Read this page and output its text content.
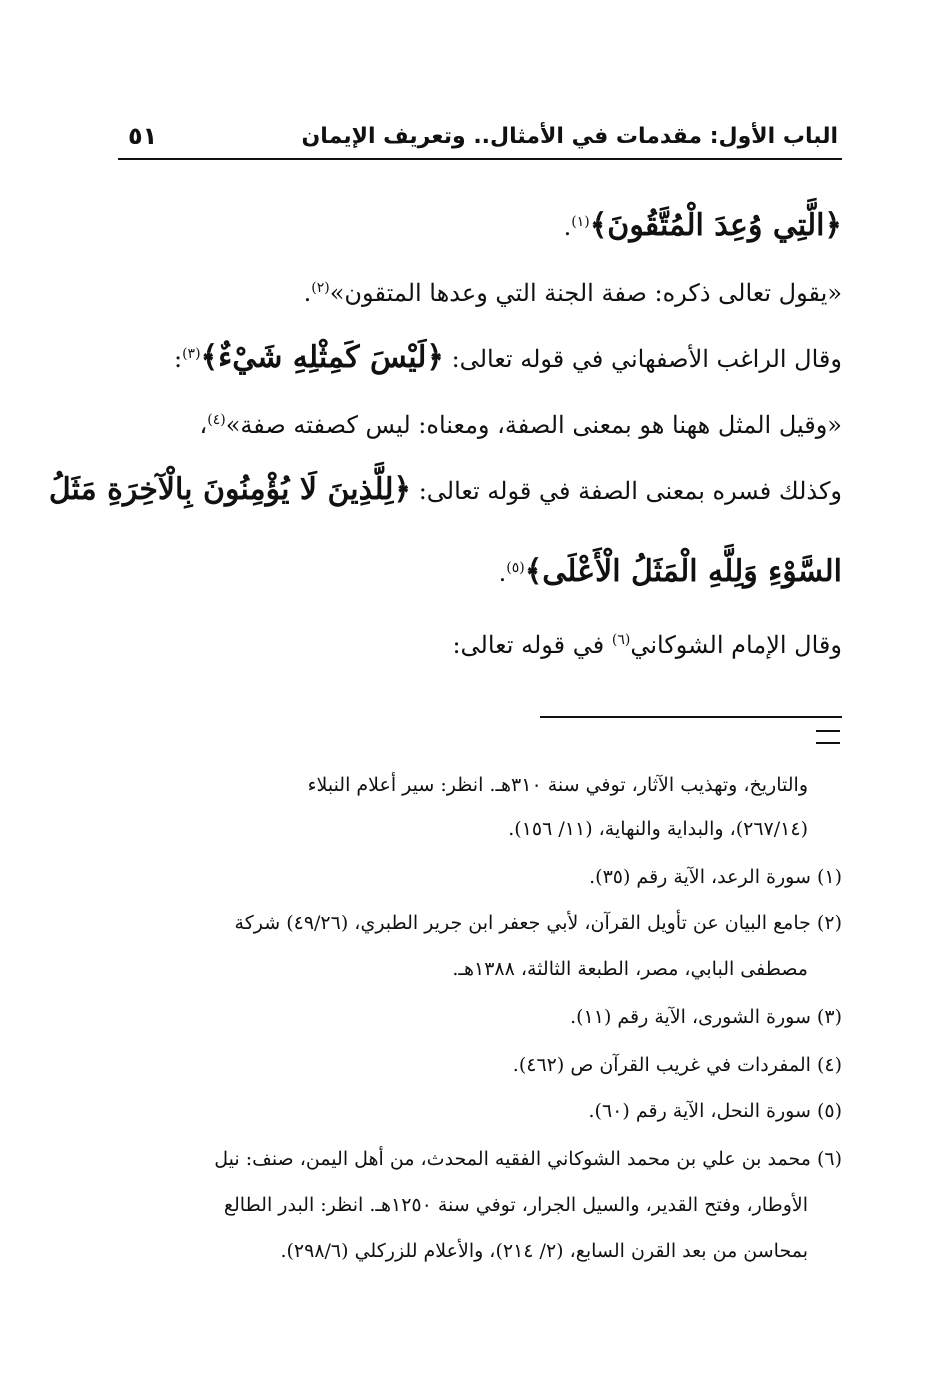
الباب الأول: مقدمات في الأمثال.. وتعريف الإيمان
٥١
﴿الَّتِي وُعِدَ الْمُتَّقُونَ﴾$^{(١)}$.
«يقول تعالى ذكره: صفة الجنة التي وعدها المتقون»$^{(٢)}$.
وقال الراغب الأصفهاني في قوله تعالى: ﴿لَيْسَ كَمِثْلِهِ شَيْءٌ﴾$^{(٣)}$:
«وقيل المثل ههنا هو بمعنى الصفة، ومعناه: ليس كصفته صفة»$^{(٤)}$،
وكذلك فسره بمعنى الصفة في قوله تعالى: ﴿لِلَّذِينَ لَا يُؤْمِنُونَ بِالْآخِرَةِ مَثَلُ
السَّوْءِ وَلِلَّهِ الْمَثَلُ الْأَعْلَى﴾$^{(٥)}$.
وقال الإمام الشوكاني$^{(٦)}$ في قوله تعالى:
والتاريخ، وتهذيب الآثار، توفي سنة ٣١٠هـ. انظر: سير أعلام النبلاء
(٢٦٧/١٤)، والبداية والنهاية، (١١/ ١٥٦).
(١) سورة الرعد، الآية رقم (٣٥).
(٢) جامع البيان عن تأويل القرآن، لأبي جعفر ابن جرير الطبري، (٤٩/٢٦) شركة
مصطفى البابي، مصر، الطبعة الثالثة، ١٣٨٨هـ.
(٣) سورة الشورى، الآية رقم (١١).
(٤) المفردات في غريب القرآن ص (٤٦٢).
(٥) سورة النحل، الآية رقم (٦٠).
(٦) محمد بن علي بن محمد الشوكاني الفقيه المحدث، من أهل اليمن، صنف: نيل
الأوطار، وفتح القدير، والسيل الجرار، توفي سنة ١٢٥٠هـ. انظر: البدر الطالع
بمحاسن من بعد القرن السابع، (٢/ ٢١٤)، والأعلام للزركلي (٢٩٨/٦).
